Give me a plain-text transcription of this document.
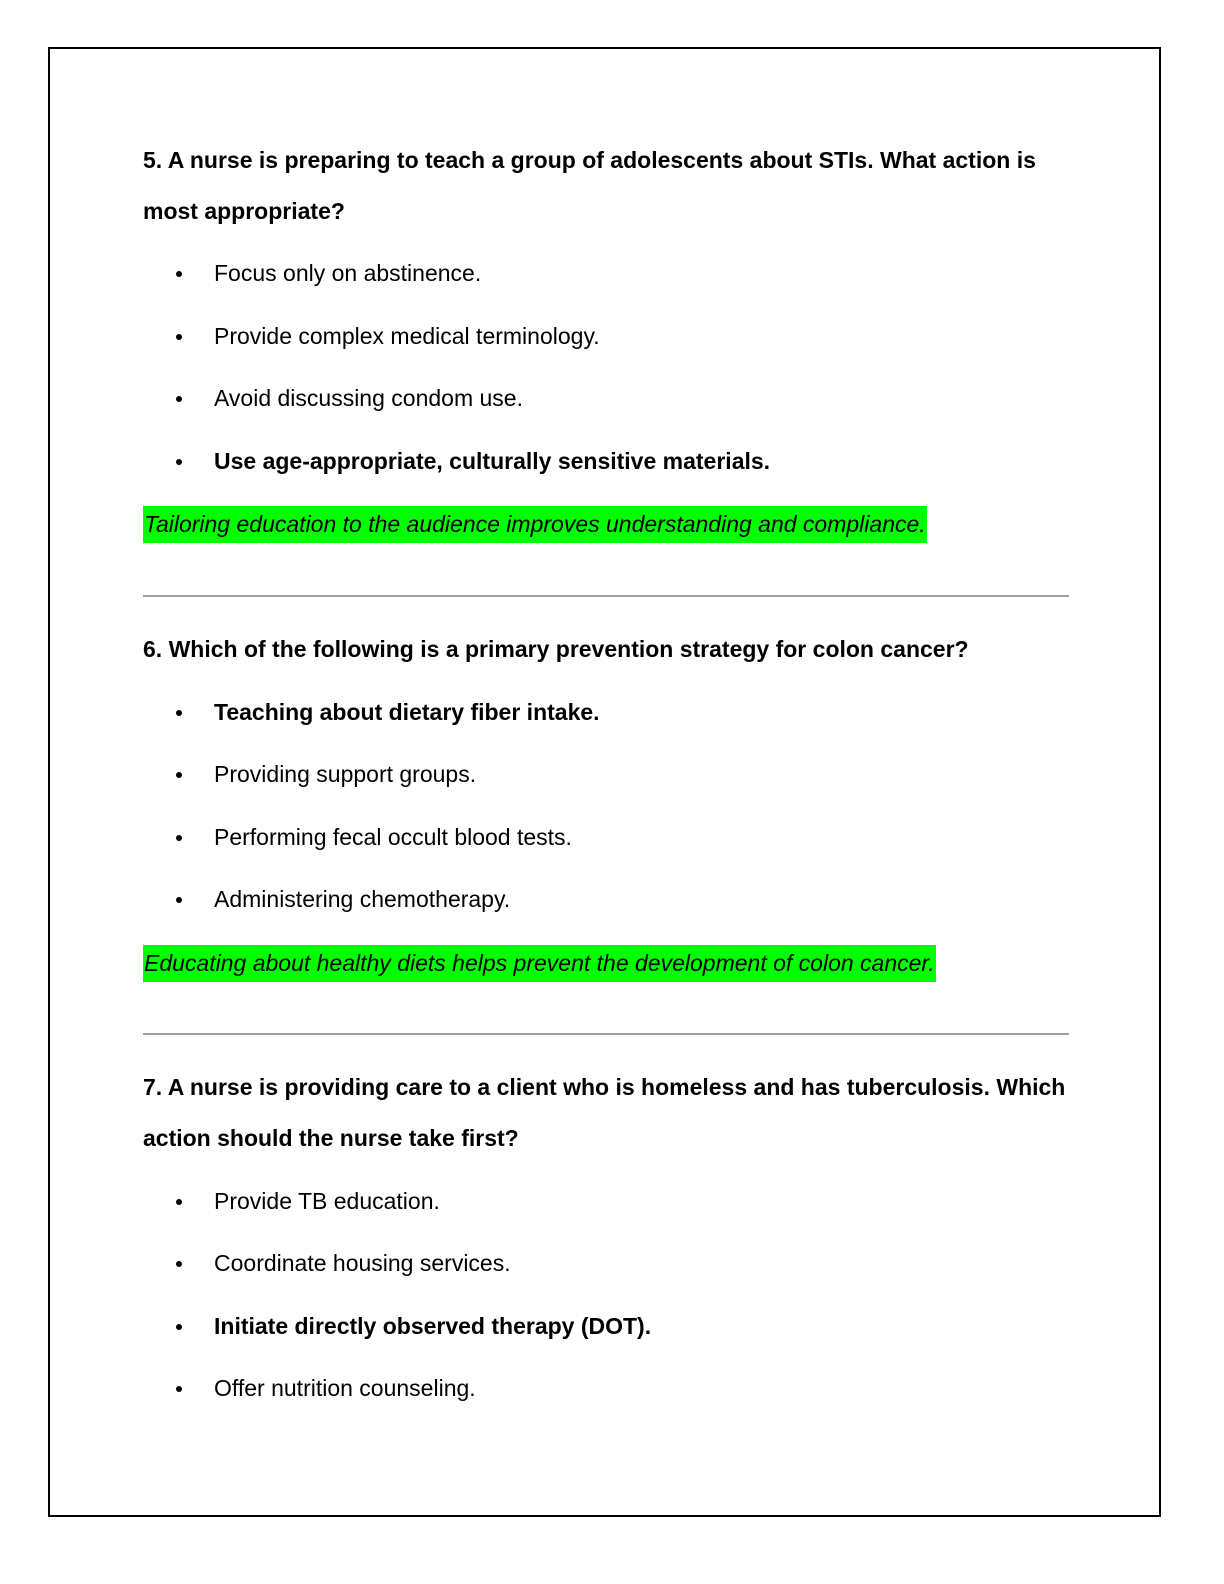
5. A nurse is preparing to teach a group of adolescents about STIs. What action is most appropriate?

Focus only on abstinence.
Provide complex medical terminology.
Avoid discussing condom use.
Use age-appropriate, culturally sensitive materials.
Tailoring education to the audience improves understanding and compliance.

6. Which of the following is a primary prevention strategy for colon cancer?

Teaching about dietary fiber intake.
Providing support groups.
Performing fecal occult blood tests.
Administering chemotherapy.
Educating about healthy diets helps prevent the development of colon cancer.

7. A nurse is providing care to a client who is homeless and has tuberculosis. Which action should the nurse take first?

Provide TB education.
Coordinate housing services.
Initiate directly observed therapy (DOT).
Offer nutrition counseling.
